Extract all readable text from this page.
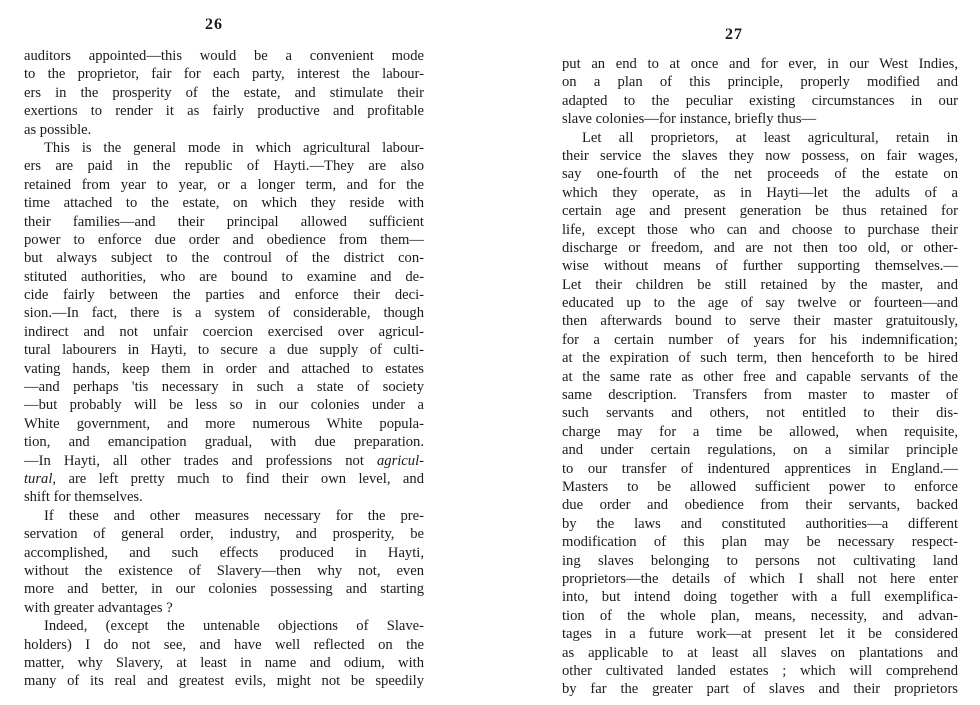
26
auditors appointed—this would be a convenient mode
to the proprietor, fair for each party, interest the labour-
ers in the prosperity of the estate, and stimulate their
exertions to render it as fairly productive and profitable
as possible.
This is the general mode in which agricultural labour-
ers are paid in the republic of Hayti.—They are also
retained from year to year, or a longer term, and for the
time attached to the estate, on which they reside with
their families—and their principal allowed sufficient
power to enforce due order and obedience from them—
but always subject to the controul of the district con-
stituted authorities, who are bound to examine and de-
cide fairly between the parties and enforce their deci-
sion.—In fact, there is a system of considerable, though
indirect and not unfair coercion exercised over agricul-
tural labourers in Hayti, to secure a due supply of culti-
vating hands, keep them in order and attached to estates
—and perhaps 'tis necessary in such a state of society
—but probably will be less so in our colonies under a
White government, and more numerous White popula-
tion, and emancipation gradual, with due preparation.
—In Hayti, all other trades and professions not agricul-
tural, are left pretty much to find their own level, and
shift for themselves.
If these and other measures necessary for the pre-
servation of general order, industry, and prosperity, be
accomplished, and such effects produced in Hayti,
without the existence of Slavery—then why not, even
more and better, in our colonies possessing and starting
with greater advantages ?
Indeed, (except the untenable objections of Slave-
holders) I do not see, and have well reflected on the
matter, why Slavery, at least in name and odium, with
many of its real and greatest evils, might not be speedily
27
put an end to at once and for ever, in our West Indies,
on a plan of this principle, properly modified and
adapted to the peculiar existing circumstances in our
slave colonies—for instance, briefly thus—
Let all proprietors, at least agricultural, retain in
their service the slaves they now possess, on fair wages,
say one-fourth of the net proceeds of the estate on
which they operate, as in Hayti—let the adults of a
certain age and present generation be thus retained for
life, except those who can and choose to purchase their
discharge or freedom, and are not then too old, or other-
wise without means of further supporting themselves.—
Let their children be still retained by the master, and
educated up to the age of say twelve or fourteen—and
then afterwards bound to serve their master gratuitously,
for a certain number of years for his indemnification;
at the expiration of such term, then henceforth to be hired
at the same rate as other free and capable servants of the
same description. Transfers from master to master of
such servants and others, not entitled to their dis-
charge may for a time be allowed, when requisite,
and under certain regulations, on a similar principle
to our transfer of indentured apprentices in England.—
Masters to be allowed sufficient power to enforce
due order and obedience from their servants, backed
by the laws and constituted authorities—a different
modification of this plan may be necessary respect-
ing slaves belonging to persons not cultivating land
proprietors—the details of which I shall not here enter
into, but intend doing together with a full exemplifica-
tion of the whole plan, means, necessity, and advan-
tages in a future work—at present let it be considered
as applicable to at least all slaves on plantations and
other cultivated landed estates ; which will comprehend
by far the greater part of slaves and their proprietors
